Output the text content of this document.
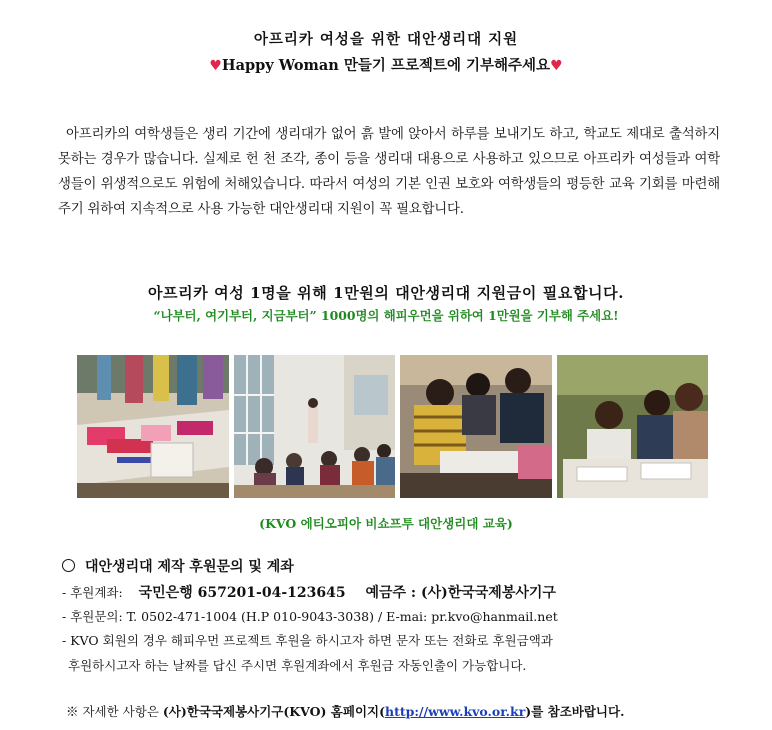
아프리카 여성을 위한 대안생리대 지원
♥Happy Woman 만들기 프로젝트에 기부해주세요♥
아프리카의 여학생들은 생리 기간에 생리대가 없어 흙 발에 앉아서 하루를 보내기도 하고, 학교도 제대로 출석하지 못하는 경우가 많습니다. 실제로 헌 천 조각, 종이 등을 생리대 대용으로 사용하고 있으므로 아프리카 여성들과 여학생들이 위생적으로도 위험에 처해있습니다. 따라서 여성의 기본 인권 보호와 여학생들의 평등한 교육 기회를 마련해 주기 위하여 지속적으로 사용 가능한 대안생리대 지원이 꼭 필요합니다.
아프리카 여성 1명을 위해 1만원의 대안생리대 지원금이 필요합니다.
“나부터, 여기부터, 지금부터” 1000명의 해피우먼을 위하여 1만원을 기부해 주세요!
(KVO 에티오피아 비쇼프투 대안생리대 교육)
대안생리대 제작 후원문의 및 계좌
- 후원계좌: 국민은행 657201-04-123645 예금주 : (사)한국국제봉사기구
- 후원문의: T. 0502-471-1004 (H.P 010-9043-3038) / E-mai: pr.kvo@hanmail.net
- KVO 회원의 경우 해피우먼 프로젝트 후원을 하시고자 하면 문자 또는 전화로 후원금액과
후원하시고자 하는 날짜를 답신 주시면 후원계좌에서 후원금 자동인출이 가능합니다.
※ 자세한 사항은 (사)한국국제봉사기구(KVO) 홈페이지(http://www.kvo.or.kr)를 참조바랍니다.
